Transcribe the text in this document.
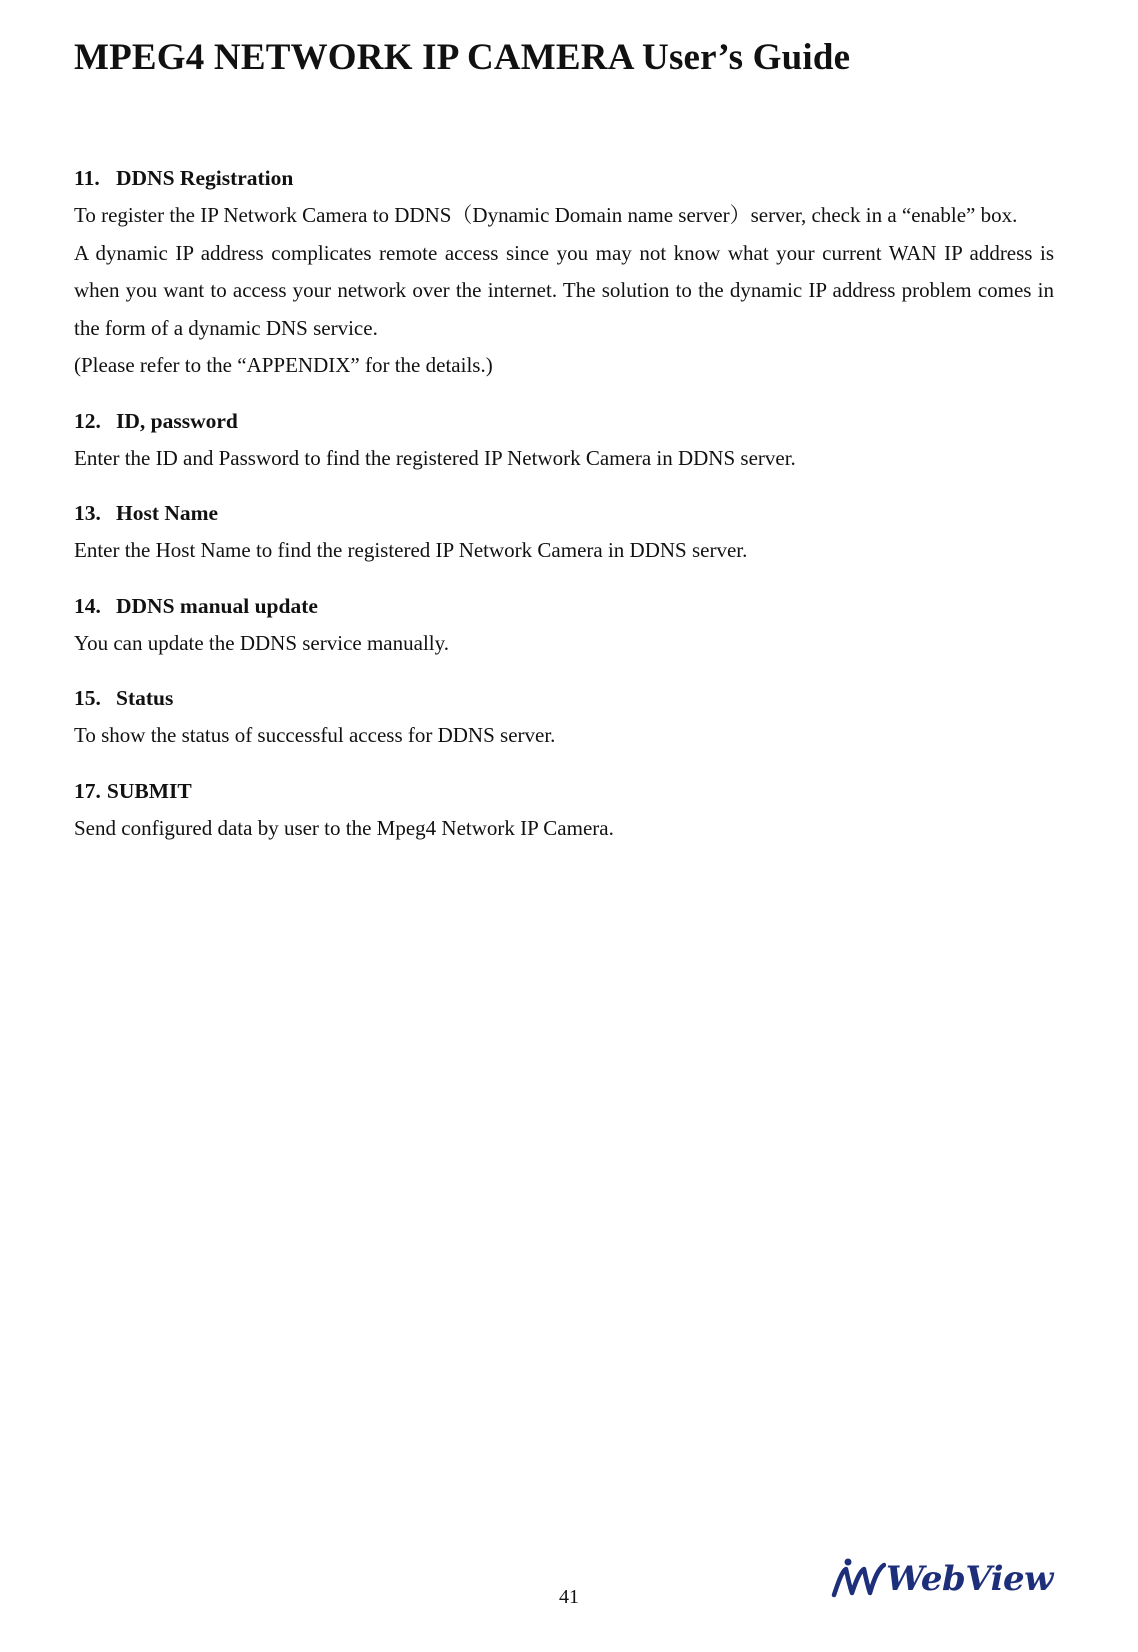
MPEG4 NETWORK IP CAMERA User’s Guide

11. DDNS Registration

To register the IP Network Camera to DDNS（Dynamic Domain name server）server, check in a “enable” box.

A dynamic IP address complicates remote access since you may not know what your current WAN IP address is when you want to access your network over the internet. The solution to the dynamic IP address problem comes in the form of a dynamic DNS service.

(Please refer to the “APPENDIX” for the details.)

12. ID, password

Enter the ID and Password to find the registered IP Network Camera in DDNS server.

13. Host Name

Enter the Host Name to find the registered IP Network Camera in DDNS server.

14. DDNS manual update

You can update the DDNS service manually.

15. Status

To show the status of successful access for DDNS server.

17. SUBMIT

Send configured data by user to the Mpeg4 Network IP Camera.

41	WebView
